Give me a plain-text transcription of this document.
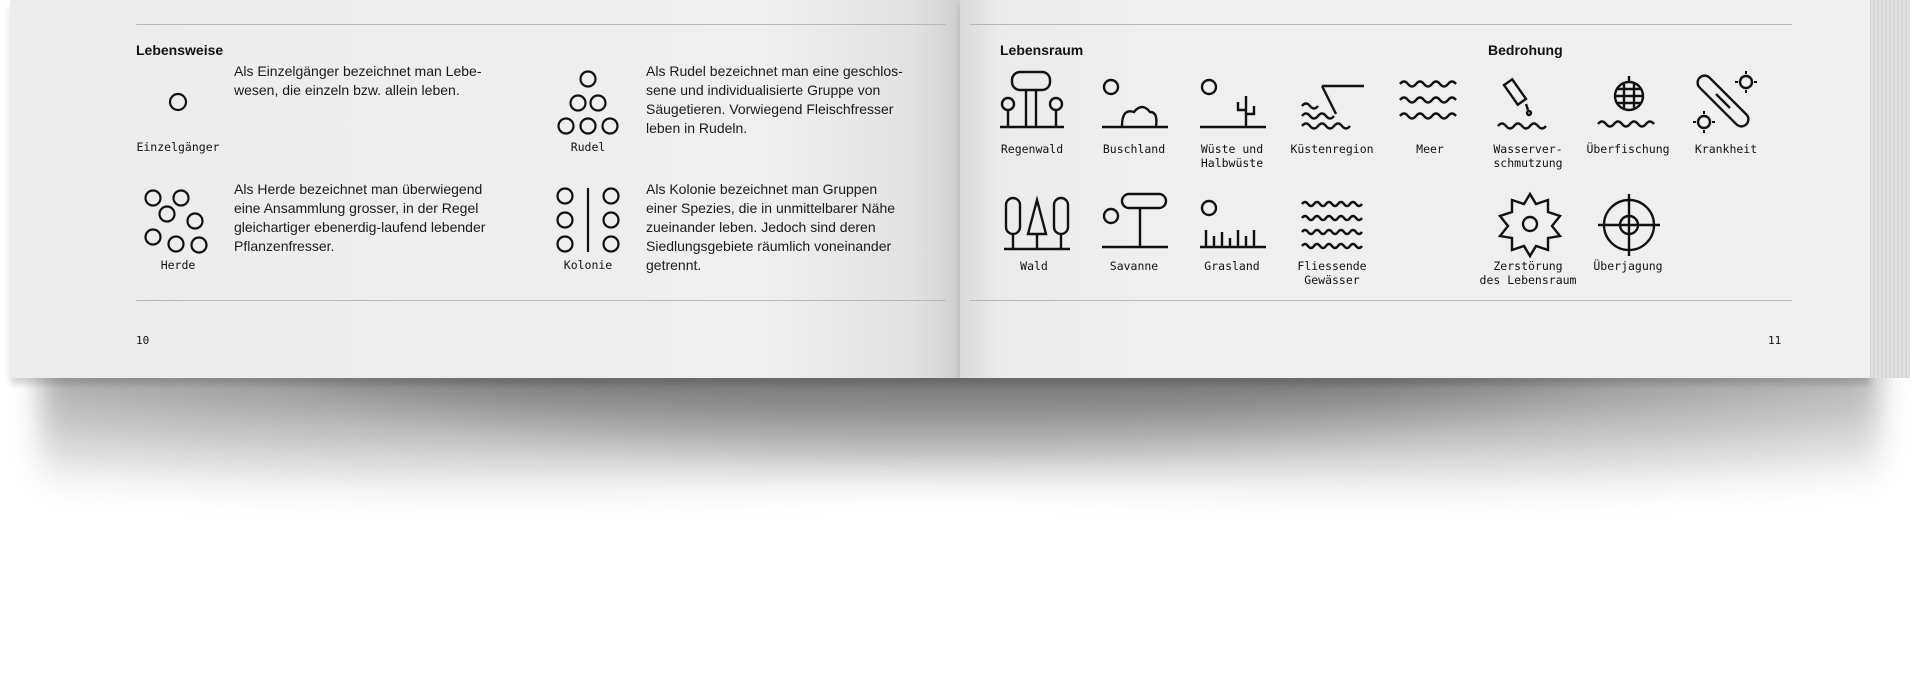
Lebensweise
Einzelgänger
Als Einzelgänger bezeichnet man Lebe-
wesen, die einzeln bzw. allein leben.
Rudel
Als Rudel bezeichnet man eine geschlos-
sene und individualisierte Gruppe von
Säugetieren. Vorwiegend Fleischfresser
leben in Rudeln.
Herde
Als Herde bezeichnet man überwiegend
eine Ansammlung grosser, in der Regel
gleichartiger ebenerdig-laufend lebender
Pflanzenfresser.
Kolonie
Als Kolonie bezeichnet man Gruppen
einer Spezies, die in unmittelbarer Nähe
zueinander leben. Jedoch sind deren
Siedlungsgebiete räumlich voneinander
getrennt.
10
Lebensraum	Bedrohung
Regenwald	Buschland	Wüste und
Halbwüste
Küstenregion	Meer	Wasserver-
schmutzung
Überfischung	Krankheit
Wald	Savanne	Grasland	Fliessende
Gewässer
Zerstörung
des Lebensraum
Überjagung
11
